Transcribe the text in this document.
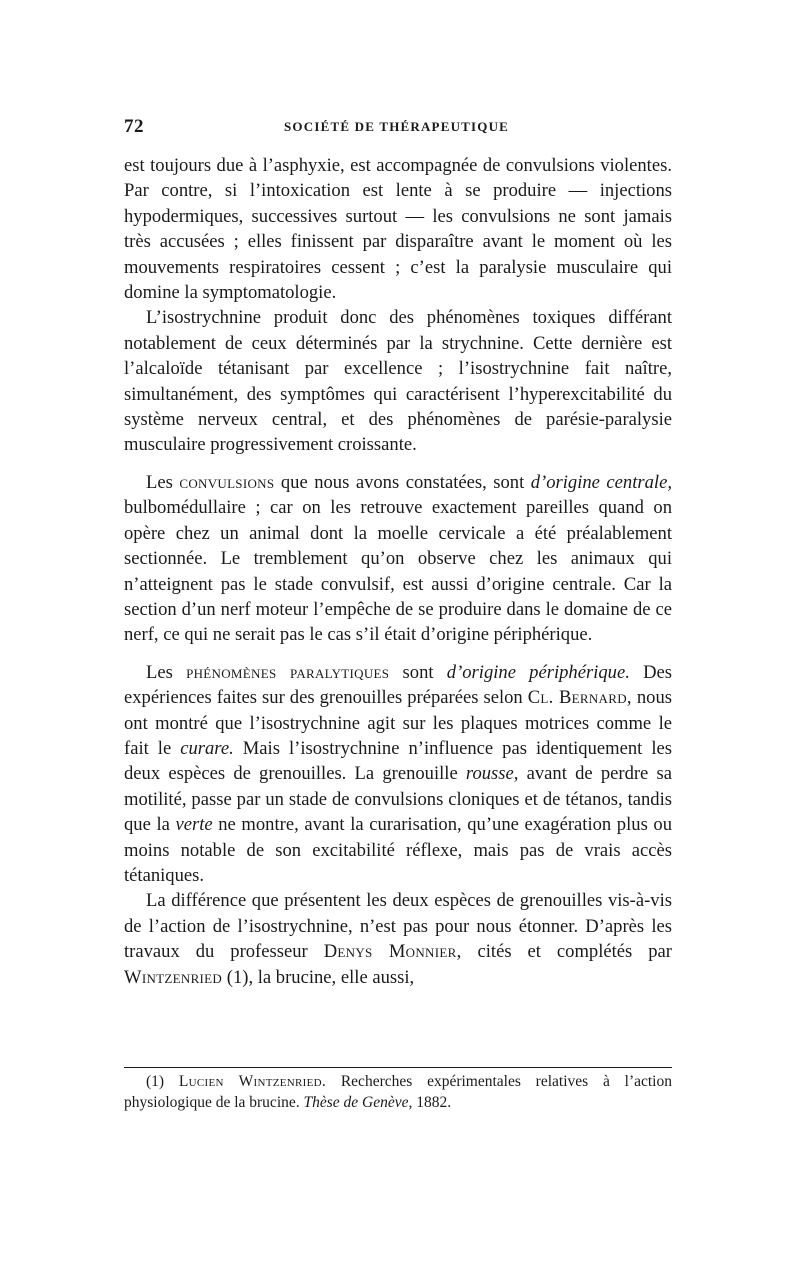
72	SOCIÉTÉ DE THÉRAPEUTIQUE

est toujours due à l’asphyxie, est accompagnée de convulsions violentes. Par contre, si l’intoxication est lente à se produire — injections hypodermiques, successives surtout — les convulsions ne sont jamais très accusées ; elles finissent par disparaître avant le moment où les mouvements respiratoires cessent ; c’est la paralysie musculaire qui domine la symptomatologie.

L’isostrychnine produit donc des phénomènes toxiques différant notablement de ceux déterminés par la strychnine. Cette dernière est l’alcaloïde tétanisant par excellence ; l’isostrychnine fait naître, simultanément, des symptômes qui caractérisent l’hyperexcitabilité du système nerveux central, et des phénomènes de parésie-paralysie musculaire progressivement croissante.

Les convulsions que nous avons constatées, sont d’origine centrale, bulbomédullaire ; car on les retrouve exactement pareilles quand on opère chez un animal dont la moelle cervicale a été préalablement sectionnée. Le tremblement qu’on observe chez les animaux qui n’atteignent pas le stade convulsif, est aussi d’origine centrale. Car la section d’un nerf moteur l’empêche de se produire dans le domaine de ce nerf, ce qui ne serait pas le cas s’il était d’origine périphérique.

Les phénomènes paralytiques sont d’origine périphérique. Des expériences faites sur des grenouilles préparées selon Cl. Bernard, nous ont montré que l’isostrychnine agit sur les plaques motrices comme le fait le curare. Mais l’isostrychnine n’influence pas identiquement les deux espèces de grenouilles. La grenouille rousse, avant de perdre sa motilité, passe par un stade de convulsions cloniques et de tétanos, tandis que la verte ne montre, avant la curarisation, qu’une exagération plus ou moins notable de son excitabilité réflexe, mais pas de vrais accès tétaniques.

La différence que présentent les deux espèces de grenouilles vis-à-vis de l’action de l’isostrychnine, n’est pas pour nous étonner. D’après les travaux du professeur Denys Monnier, cités et complétés par Wintzenried (1), la brucine, elle aussi,

(1) Lucien Wintzenried. Recherches expérimentales relatives à l’action physiologique de la brucine. Thèse de Genève, 1882.
